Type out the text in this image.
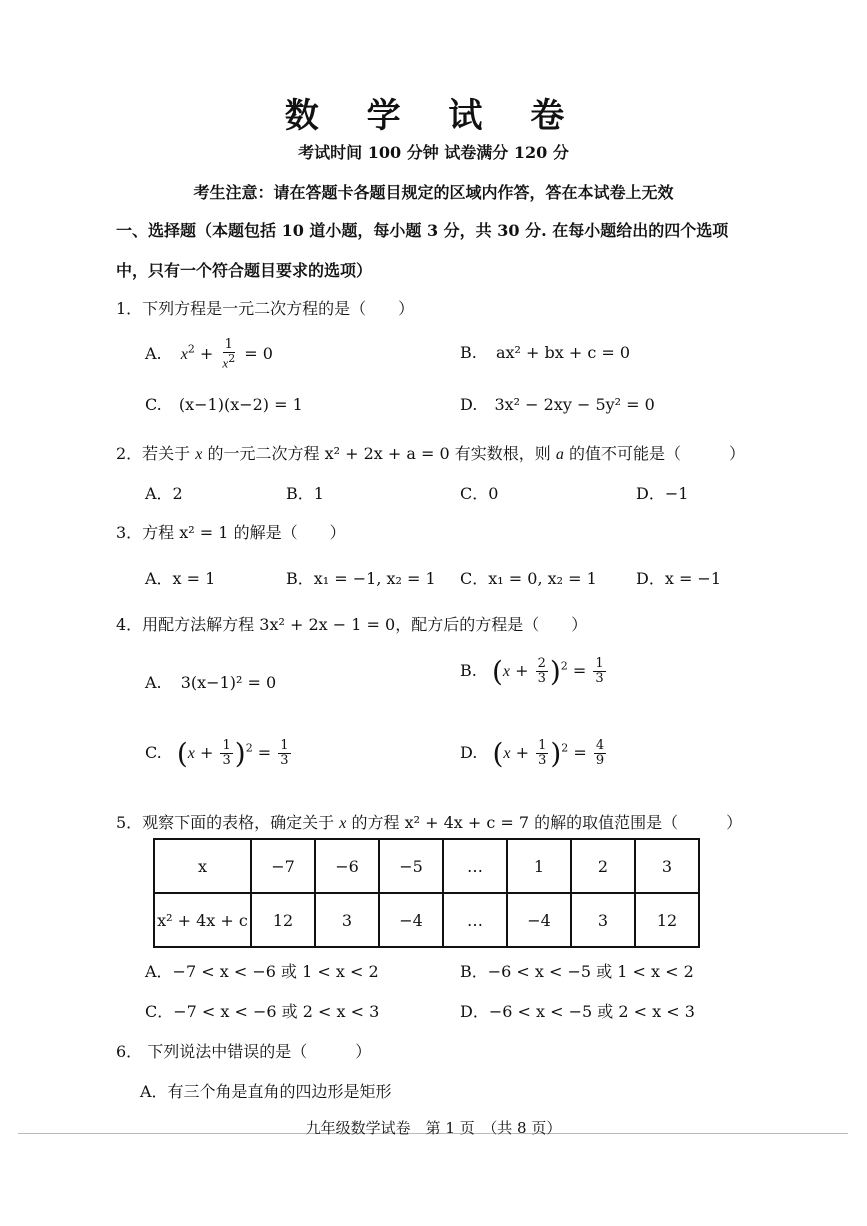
数 学 试 卷
考试时间 100 分钟 试卷满分 120 分
考生注意：请在答题卡各题目规定的区域内作答，答在本试卷上无效
一、选择题（本题包括 10 道小题，每小题 3 分，共 30 分. 在每小题给出的四个选项
中，只有一个符合题目要求的选项）
1．下列方程是一元二次方程的是（　　）
A. $x^2 + \frac{1}{x^2} = 0$	B. ax² + bx + c = 0
C. (x−1)(x−2) = 1	D. 3x² − 2xy − 5y² = 0
2．若关于 x 的一元二次方程 x² + 2x + a = 0 有实数根，则 a 的值不可能是（　　　）
A．2	B．1	C．0	D．−1
3．方程 x² = 1 的解是（　　）
A．x = 1	B．x₁ = −1, x₂ = 1 C．x₁ = 0, x₂ = 1 D．x = −1
4．用配方法解方程 3x² + 2x − 1 = 0，配方后的方程是（　　）
A. 3(x−1)² = 0
B. $(x + \frac{2}{3} )^2 = \frac{1}{3}$
C. $(x + \frac{1}{3} )^2 = \frac{1}{3}$	D. $(x + \frac{1}{3} )^2 = \frac{4}{9}$
5．观察下面的表格，确定关于 x 的方程 x² + 4x + c = 7 的解的取值范围是（　　　）
x	−7	−6	−5	…	1	2	3
x² + 4x + c	12	3	−4	…	−4	3	12
A．−7 < x < −6 或 1 < x < 2	B．−6 < x < −5 或 1 < x < 2
C．−7 < x < −6 或 2 < x < 3	D．−6 < x < −5 或 2 < x < 3
6． 下列说法中错误的是（　　　）
A．有三个角是直角的四边形是矩形
九年级数学试卷　第 1 页　（共 8 页）
